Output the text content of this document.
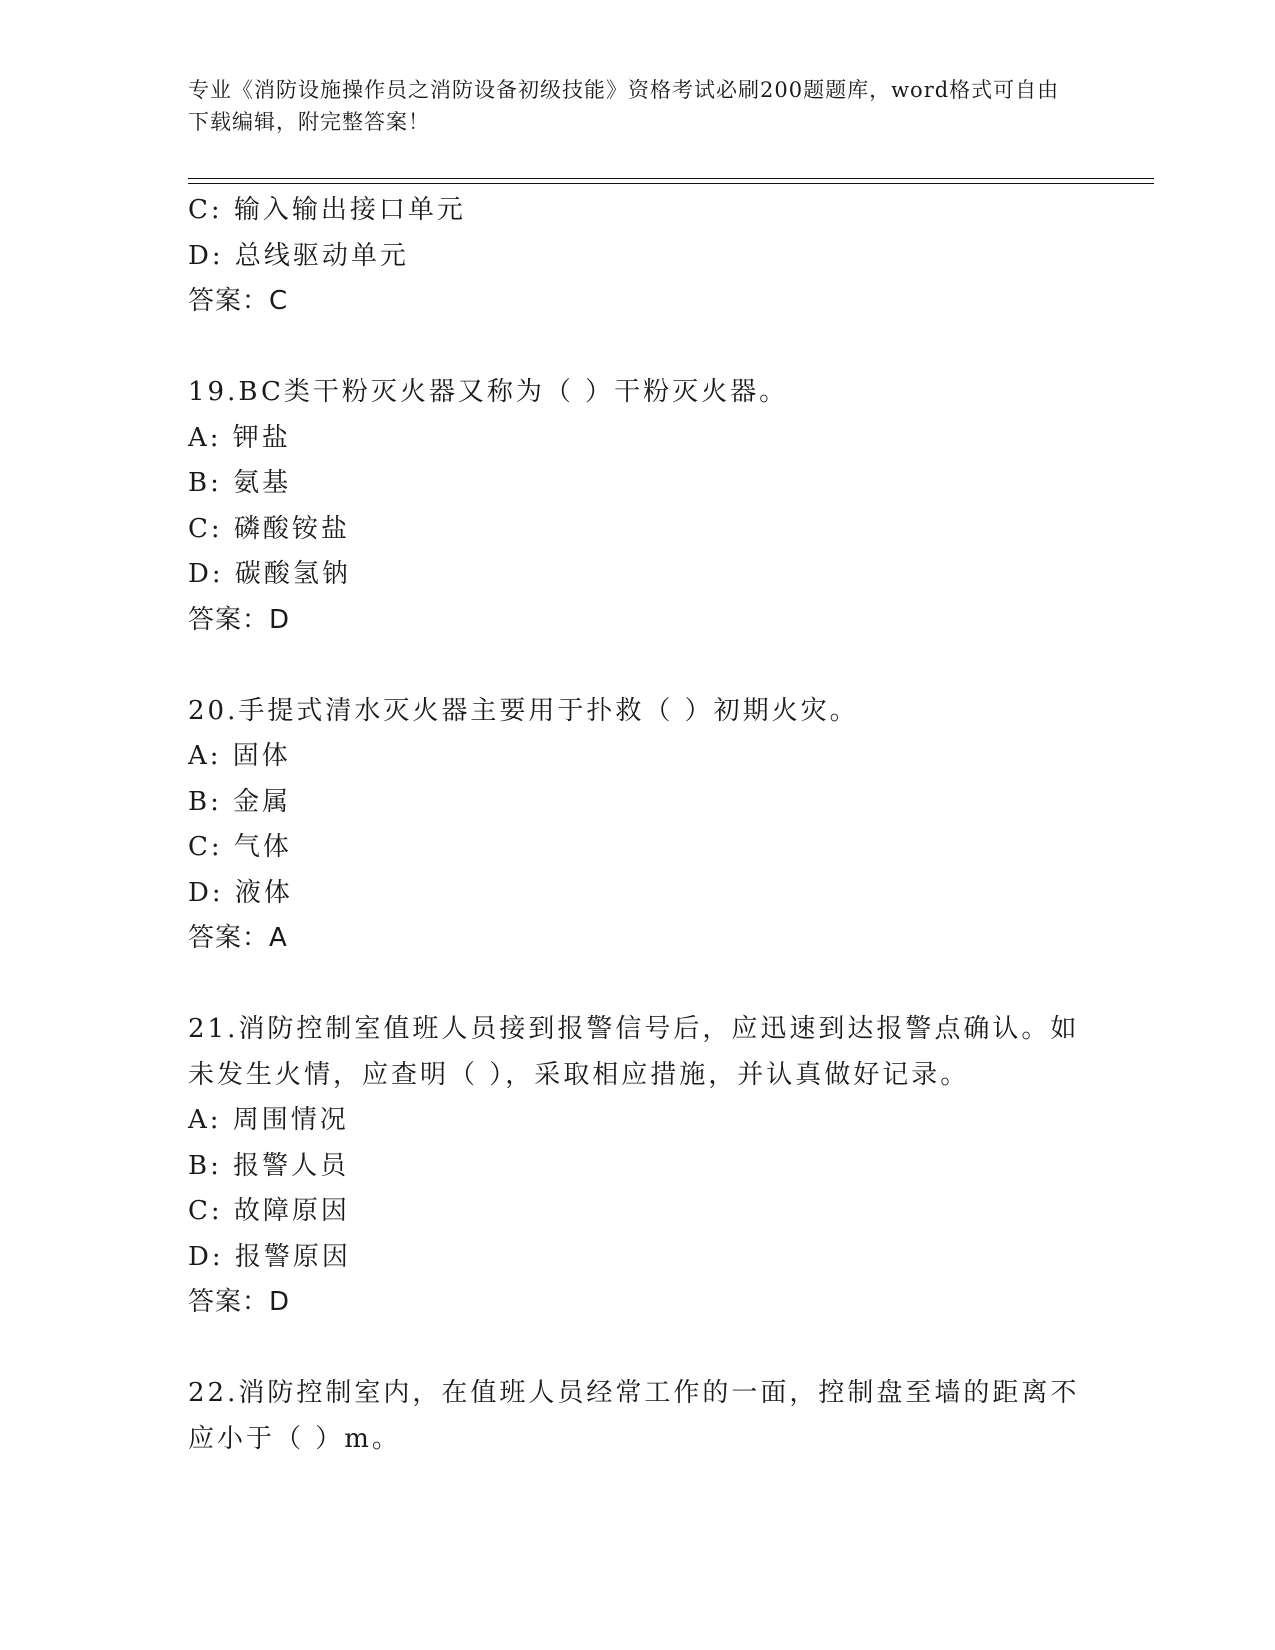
专业《消防设施操作员之消防设备初级技能》资格考试必刷200题题库，word格式可自由下载编辑，附完整答案！
C: 输入输出接口单元
D: 总线驱动单元
答案：C
19.BC类干粉灭火器又称为（ ）干粉灭火器。
A: 钾盐
B: 氨基
C: 磷酸铵盐
D: 碳酸氢钠
答案：D
20.手提式清水灭火器主要用于扑救（ ）初期火灾。
A: 固体
B: 金属
C: 气体
D: 液体
答案：A
21.消防控制室值班人员接到报警信号后，应迅速到达报警点确认。如未发生火情，应查明（ ），采取相应措施，并认真做好记录。
A: 周围情况
B: 报警人员
C: 故障原因
D: 报警原因
答案：D
22.消防控制室内，在值班人员经常工作的一面，控制盘至墙的距离不应小于（ ）m。
